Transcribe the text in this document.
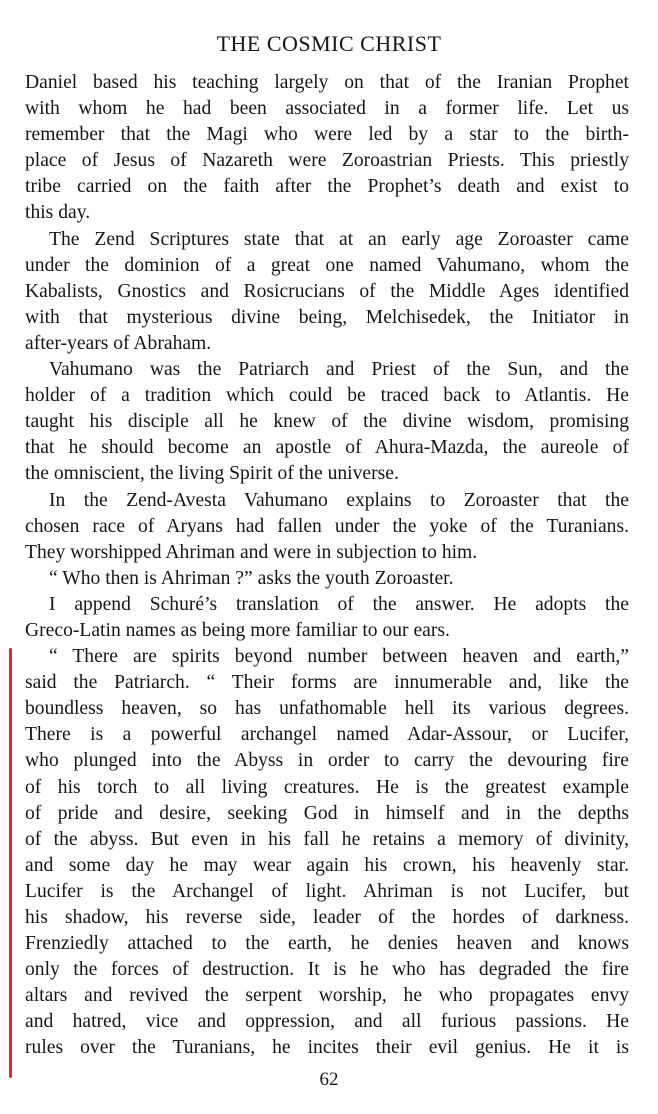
THE COSMIC CHRIST
Daniel based his teaching largely on that of the Iranian Prophet
with whom he had been associated in a former life. Let us
remember that the Magi who were led by a star to the birth-
place of Jesus of Nazareth were Zoroastrian Priests. This priestly
tribe carried on the faith after the Prophet’s death and exist to
this day.
The Zend Scriptures state that at an early age Zoroaster came
under the dominion of a great one named Vahumano, whom the
Kabalists, Gnostics and Rosicrucians of the Middle Ages identified
with that mysterious divine being, Melchisedek, the Initiator in
after-years of Abraham.
Vahumano was the Patriarch and Priest of the Sun, and the
holder of a tradition which could be traced back to Atlantis. He
taught his disciple all he knew of the divine wisdom, promising
that he should become an apostle of Ahura-Mazda, the aureole of
the omniscient, the living Spirit of the universe.
In the Zend-Avesta Vahumano explains to Zoroaster that the
chosen race of Aryans had fallen under the yoke of the Turanians.
They worshipped Ahriman and were in subjection to him.
“ Who then is Ahriman ?” asks the youth Zoroaster.
I append Schuré’s translation of the answer. He adopts the
Greco-Latin names as being more familiar to our ears.
“ There are spirits beyond number between heaven and earth,”
said the Patriarch. “ Their forms are innumerable and, like the
boundless heaven, so has unfathomable hell its various degrees.
There is a powerful archangel named Adar-Assour, or Lucifer,
who plunged into the Abyss in order to carry the devouring fire
of his torch to all living creatures. He is the greatest example
of pride and desire, seeking God in himself and in the depths
of the abyss. But even in his fall he retains a memory of divinity,
and some day he may wear again his crown, his heavenly star.
Lucifer is the Archangel of light. Ahriman is not Lucifer, but
his shadow, his reverse side, leader of the hordes of darkness.
Frenziedly attached to the earth, he denies heaven and knows
only the forces of destruction. It is he who has degraded the fire
altars and revived the serpent worship, he who propagates envy
and hatred, vice and oppression, and all furious passions. He
rules over the Turanians, he incites their evil genius. He it is
62
